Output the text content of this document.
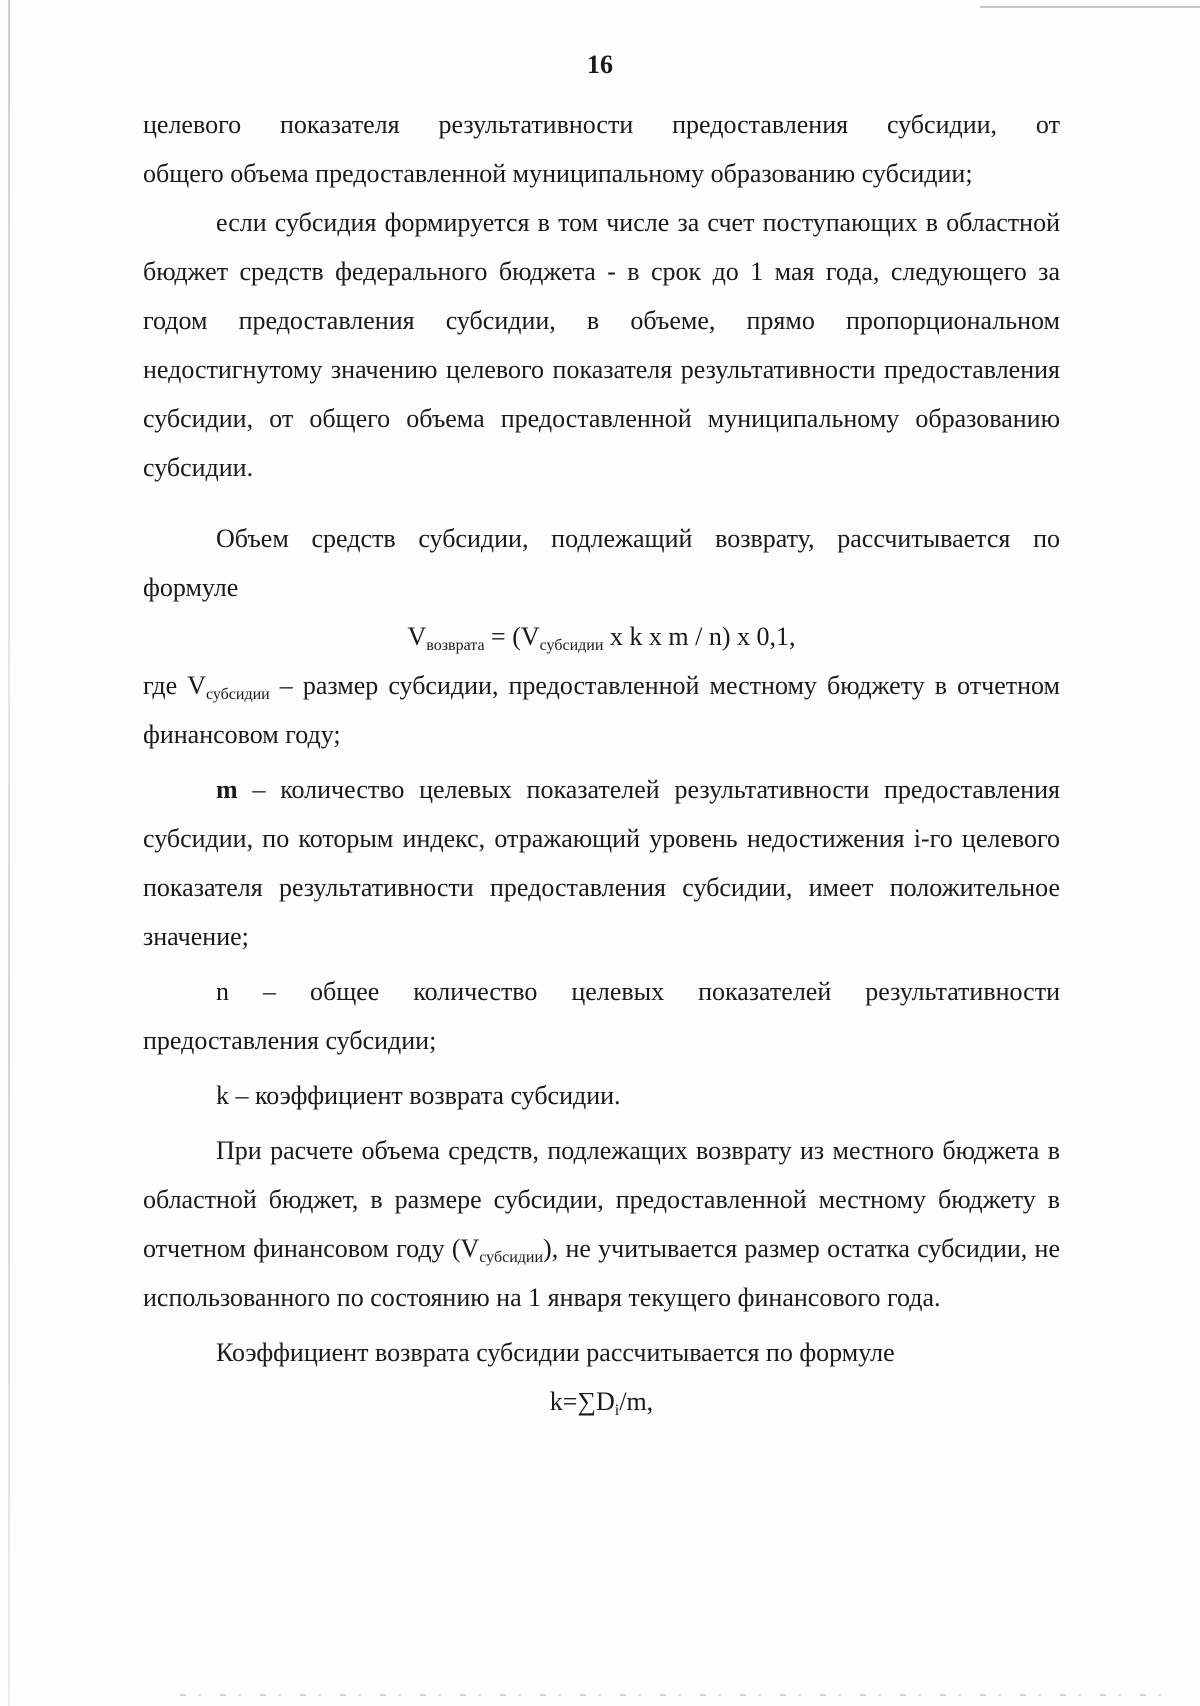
16

целевого показателя результативности предоставления субсидии, от

общего объема предоставленной муниципальному образованию субсидии;

если субсидия формируется в том числе за счет поступающих в областной бюджет средств федерального бюджета - в срок до 1 мая года, следующего за годом предоставления субсидии, в объеме, прямо пропорциональном недостигнутому значению целевого показателя результативности предоставления субсидии, от общего объема предоставленной муниципальному образованию субсидии.

Объем средств субсидии, подлежащий возврату, рассчитывается по формуле

$V_{возврата} = (V_{субсидии}$ x k x m / n) x 0,1,

где $V_{субсидии}$ – размер субсидии, предоставленной местному бюджету в отчетном финансовом году;

m – количество целевых показателей результативности предоставления субсидии, по которым индекс, отражающий уровень недостижения i-го целевого показателя результативности предоставления субсидии, имеет положительное значение;

n – общее количество целевых показателей результативности предоставления субсидии;

k – коэффициент возврата субсидии.

При расчете объема средств, подлежащих возврату из местного бюджета в областной бюджет, в размере субсидии, предоставленной местному бюджету в отчетном финансовом году $(V_{субсидии})$, не учитывается размер остатка субсидии, не использованного по состоянию на 1 января текущего финансового года.

Коэффициент возврата субсидии рассчитывается по формуле

$k=\sum D_i/m$,
